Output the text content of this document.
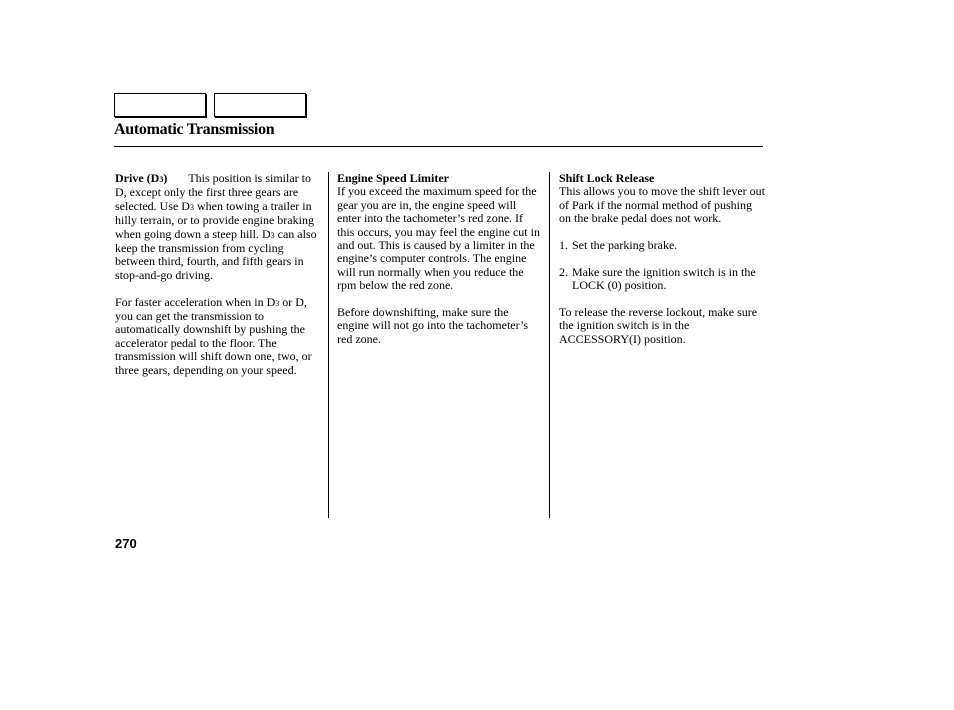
Automatic Transmission

Drive (D3) This position is similar to D, except only the first three gears are selected. Use D3 when towing a trailer in hilly terrain, or to provide engine braking when going down a steep hill. D3 can also keep the transmission from cycling between third, fourth, and fifth gears in stop-and-go driving.

For faster acceleration when in D3 or D, you can get the transmission to automatically downshift by pushing the accelerator pedal to the floor. The transmission will shift down one, two, or three gears, depending on your speed.

Engine Speed Limiter

If you exceed the maximum speed for the gear you are in, the engine speed will enter into the tachometer’s red zone. If this occurs, you may feel the engine cut in and out. This is caused by a limiter in the engine’s computer controls. The engine will run normally when you reduce the rpm below the red zone.

Before downshifting, make sure the engine will not go into the tachometer’s red zone.

Shift Lock Release

This allows you to move the shift lever out of Park if the normal method of pushing on the brake pedal does not work.

1. Set the parking brake.
2. Make sure the ignition switch is in the LOCK (0) position.

To release the reverse lockout, make sure the ignition switch is in the ACCESSORY(I) position.

270
